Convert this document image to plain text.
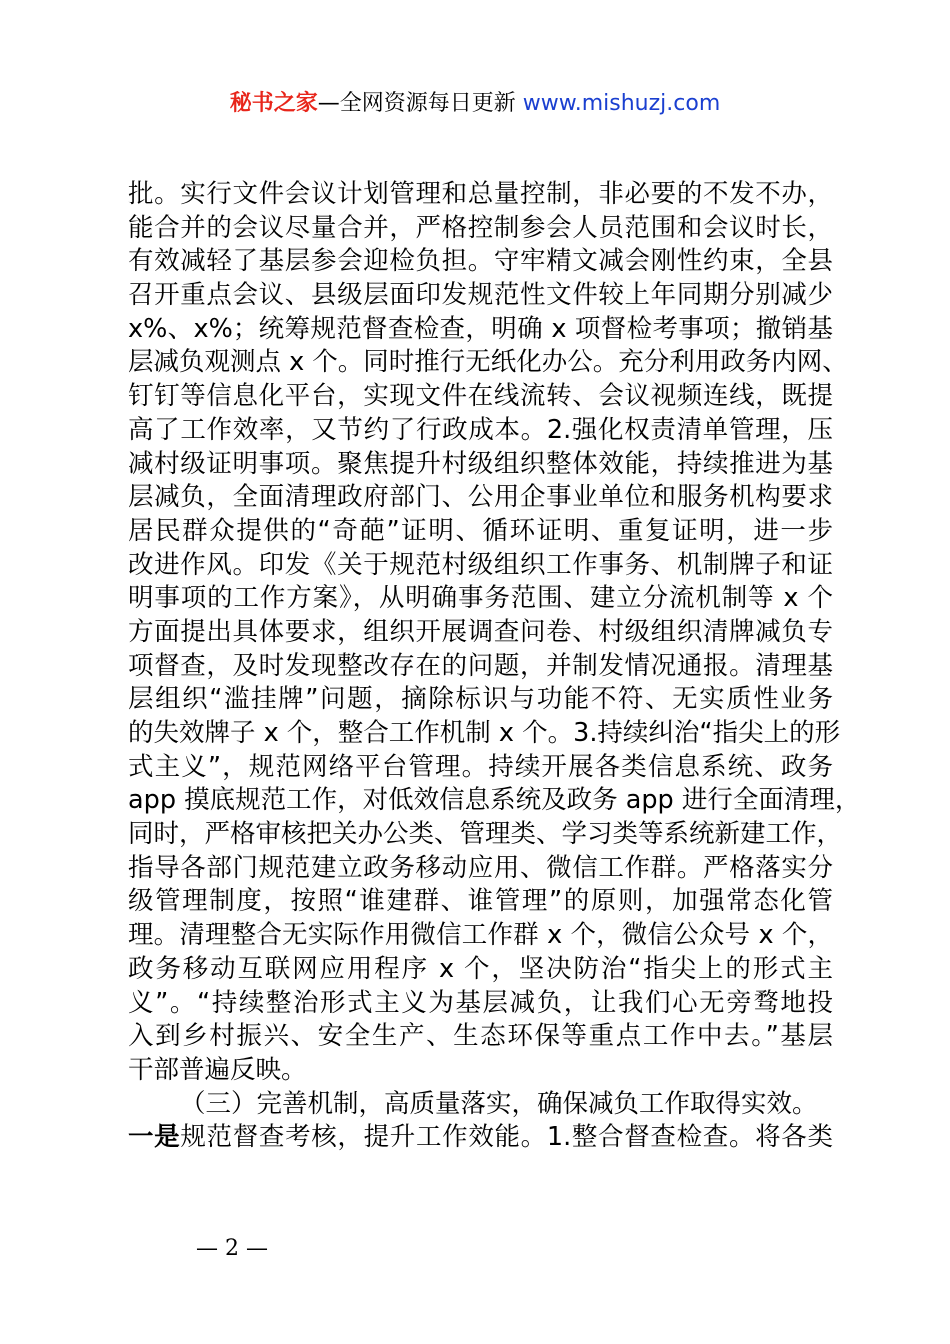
秘书之家—全网资源每日更新 www.mishuzj.com
批。实行文件会议计划管理和总量控制，非必要的不发不办，
能合并的会议尽量合并，严格控制参会人员范围和会议时长，
有效减轻了基层参会迎检负担。守牢精文减会刚性约束，全县
召开重点会议、县级层面印发规范性文件较上年同期分别减少
x%、x%；统筹规范督查检查，明确 x 项督检考事项；撤销基
层减负观测点 x 个。同时推行无纸化办公。充分利用政务内网、
钉钉等信息化平台，实现文件在线流转、会议视频连线，既提
高了工作效率，又节约了行政成本。2.强化权责清单管理，压
减村级证明事项。聚焦提升村级组织整体效能，持续推进为基
层减负，全面清理政府部门、公用企事业单位和服务机构要求
居民群众提供的“奇葩”证明、循环证明、重复证明，进一步
改进作风。印发《关于规范村级组织工作事务、机制牌子和证
明事项的工作方案》，从明确事务范围、建立分流机制等 x 个
方面提出具体要求，组织开展调查问卷、村级组织清牌减负专
项督查，及时发现整改存在的问题，并制发情况通报。清理基
层组织“滥挂牌”问题，摘除标识与功能不符、无实质性业务
的失效牌子 x 个，整合工作机制 x 个。3.持续纠治“指尖上的形
式主义”，规范网络平台管理。持续开展各类信息系统、政务
app 摸底规范工作，对低效信息系统及政务 app 进行全面清理，
同时，严格审核把关办公类、管理类、学习类等系统新建工作，
指导各部门规范建立政务移动应用、微信工作群。严格落实分
级管理制度，按照“谁建群、谁管理”的原则，加强常态化管
理。清理整合无实际作用微信工作群 x 个，微信公众号 x 个，
政务移动互联网应用程序 x 个，坚决防治“指尖上的形式主
义”。“持续整治形式主义为基层减负，让我们心无旁骛地投
入到乡村振兴、安全生产、生态环保等重点工作中去。”基层
干部普遍反映。
（三）完善机制，高质量落实，确保减负工作取得实效。
一是规范督查考核，提升工作效能。1.整合督查检查。将各类
— 2 —
